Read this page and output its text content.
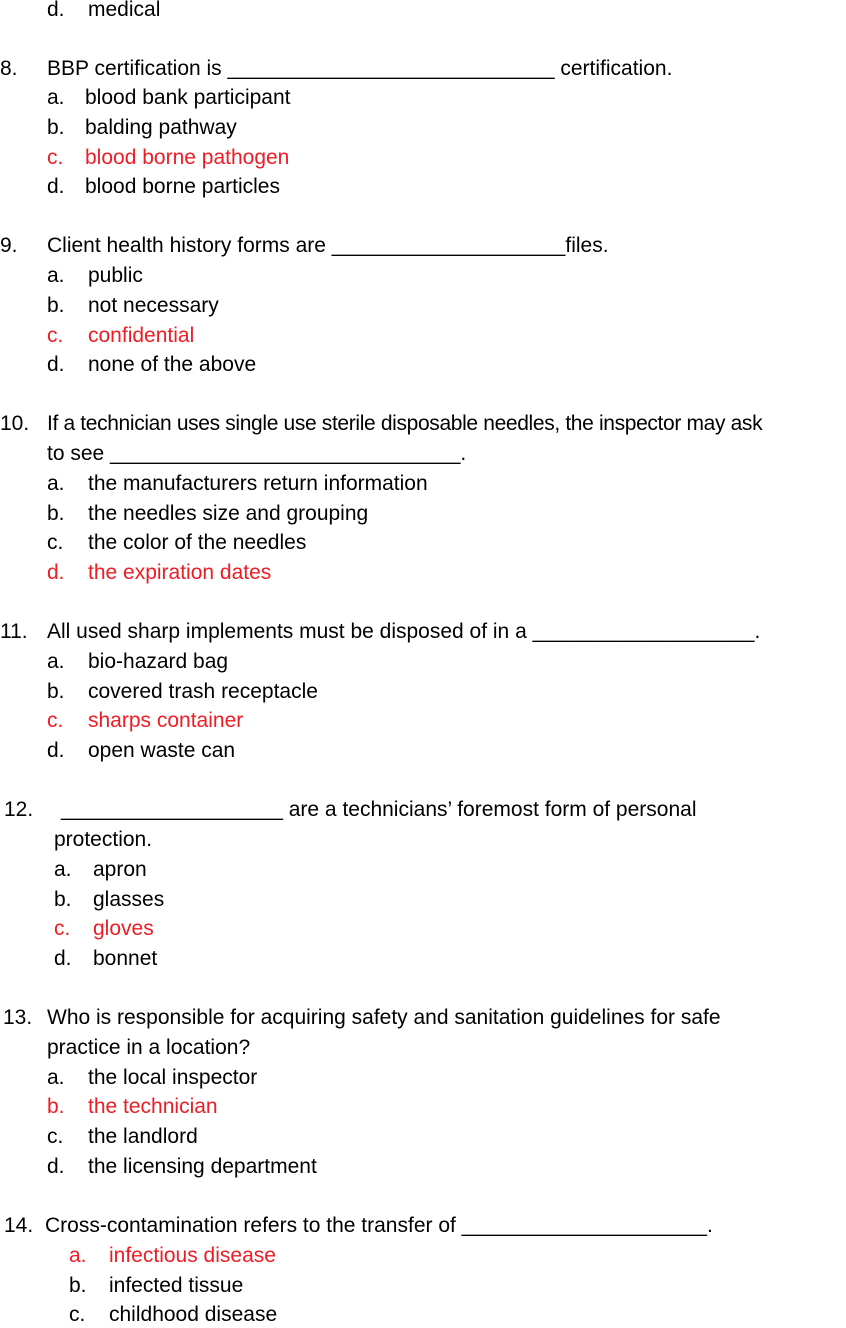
d. medical
8. BBP certification is ____________________________ certification.
a. blood bank participant
b. balding pathway
c. blood borne pathogen
d. blood borne particles
9. Client health history forms are ____________________files.
a. public
b. not necessary
c. confidential
d. none of the above
10. If a technician uses single use sterile disposable needles, the inspector may ask
to see ______________________________.
a. the manufacturers return information
b. the needles size and grouping
c. the color of the needles
d. the expiration dates
11. All used sharp implements must be disposed of in a ___________________.
a. bio-hazard bag
b. covered trash receptacle
c. sharps container
d. open waste can
12. ___________________ are a technicians’ foremost form of personal
protection.
a. apron
b. glasses
c. gloves
d. bonnet
13. Who is responsible for acquiring safety and sanitation guidelines for safe
practice in a location?
a. the local inspector
b. the technician
c. the landlord
d. the licensing department
14. Cross-contamination refers to the transfer of _____________________.
a. infectious disease
b. infected tissue
c. childhood disease
